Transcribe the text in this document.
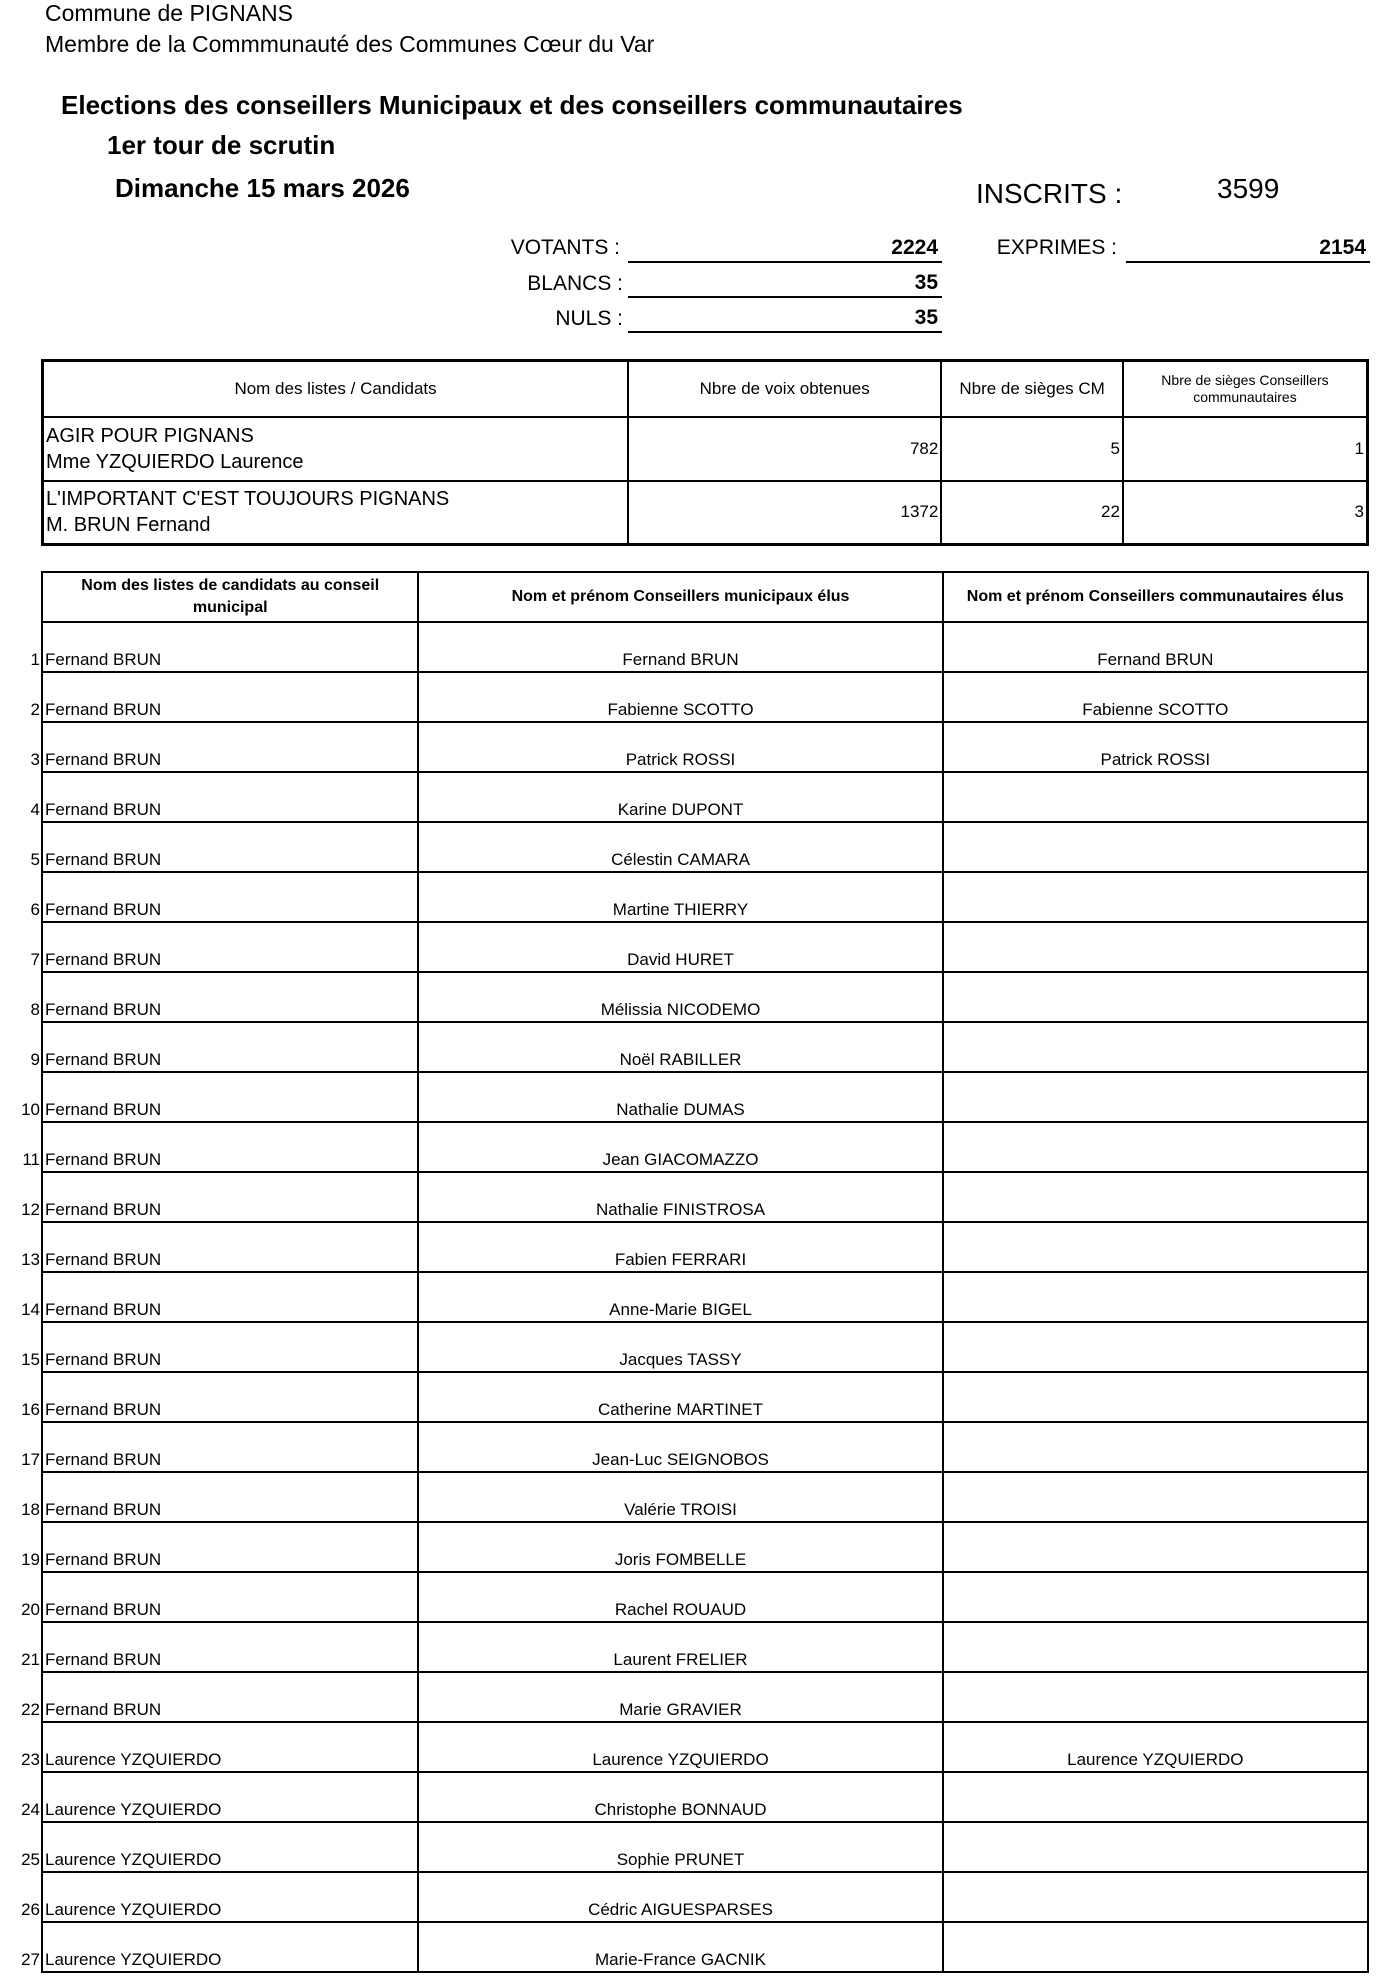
Commune de PIGNANS
Membre de la Commmunauté des Communes Cœur du Var
Elections des conseillers Municipaux et des conseillers communautaires
1er tour de scrutin
Dimanche 15 mars 2026	INSCRITS :	3599
VOTANTS :	2224
BLANCS :	35
NULS :	35
EXPRIMES :	2154
Nom des listes / Candidats	Nbre de voix obtenues	Nbre de sièges CM	Nbre de sièges Conseillers communautaires

AGIR POUR PIGNANS
Mme YZQUIERDO Laurence	782	5	1

L'IMPORTANT C'EST TOUJOURS PIGNANS
M. BRUN Fernand	1372	22	3
Nom des listes de candidats au conseil municipal	Nom et prénom Conseillers municipaux élus	Nom et prénom Conseillers communautaires élus

1 Fernand BRUN	Fernand BRUN	Fernand BRUN

2 Fernand BRUN	Fabienne SCOTTO	Fabienne SCOTTO

3 Fernand BRUN	Patrick ROSSI	Patrick ROSSI

4 Fernand BRUN	Karine DUPONT	

5 Fernand BRUN	Célestin CAMARA	

6 Fernand BRUN	Martine THIERRY	

7 Fernand BRUN	David HURET	

8 Fernand BRUN	Mélissia NICODEMO	

9 Fernand BRUN	Noël RABILLER	

10 Fernand BRUN	Nathalie DUMAS	

11 Fernand BRUN	Jean GIACOMAZZO	

12 Fernand BRUN	Nathalie FINISTROSA	

13 Fernand BRUN	Fabien FERRARI	

14 Fernand BRUN	Anne-Marie BIGEL	

15 Fernand BRUN	Jacques TASSY	

16 Fernand BRUN	Catherine MARTINET	

17 Fernand BRUN	Jean-Luc SEIGNOBOS	

18 Fernand BRUN	Valérie TROISI	

19 Fernand BRUN	Joris FOMBELLE	

20 Fernand BRUN	Rachel ROUAUD	

21 Fernand BRUN	Laurent FRELIER	

22 Fernand BRUN	Marie GRAVIER	

23 Laurence YZQUIERDO	Laurence YZQUIERDO	Laurence YZQUIERDO

24 Laurence YZQUIERDO	Christophe BONNAUD	

25 Laurence YZQUIERDO	Sophie PRUNET	

26 Laurence YZQUIERDO	Cédric AIGUESPARSES	

27 Laurence YZQUIERDO	Marie-France GACNIK	
